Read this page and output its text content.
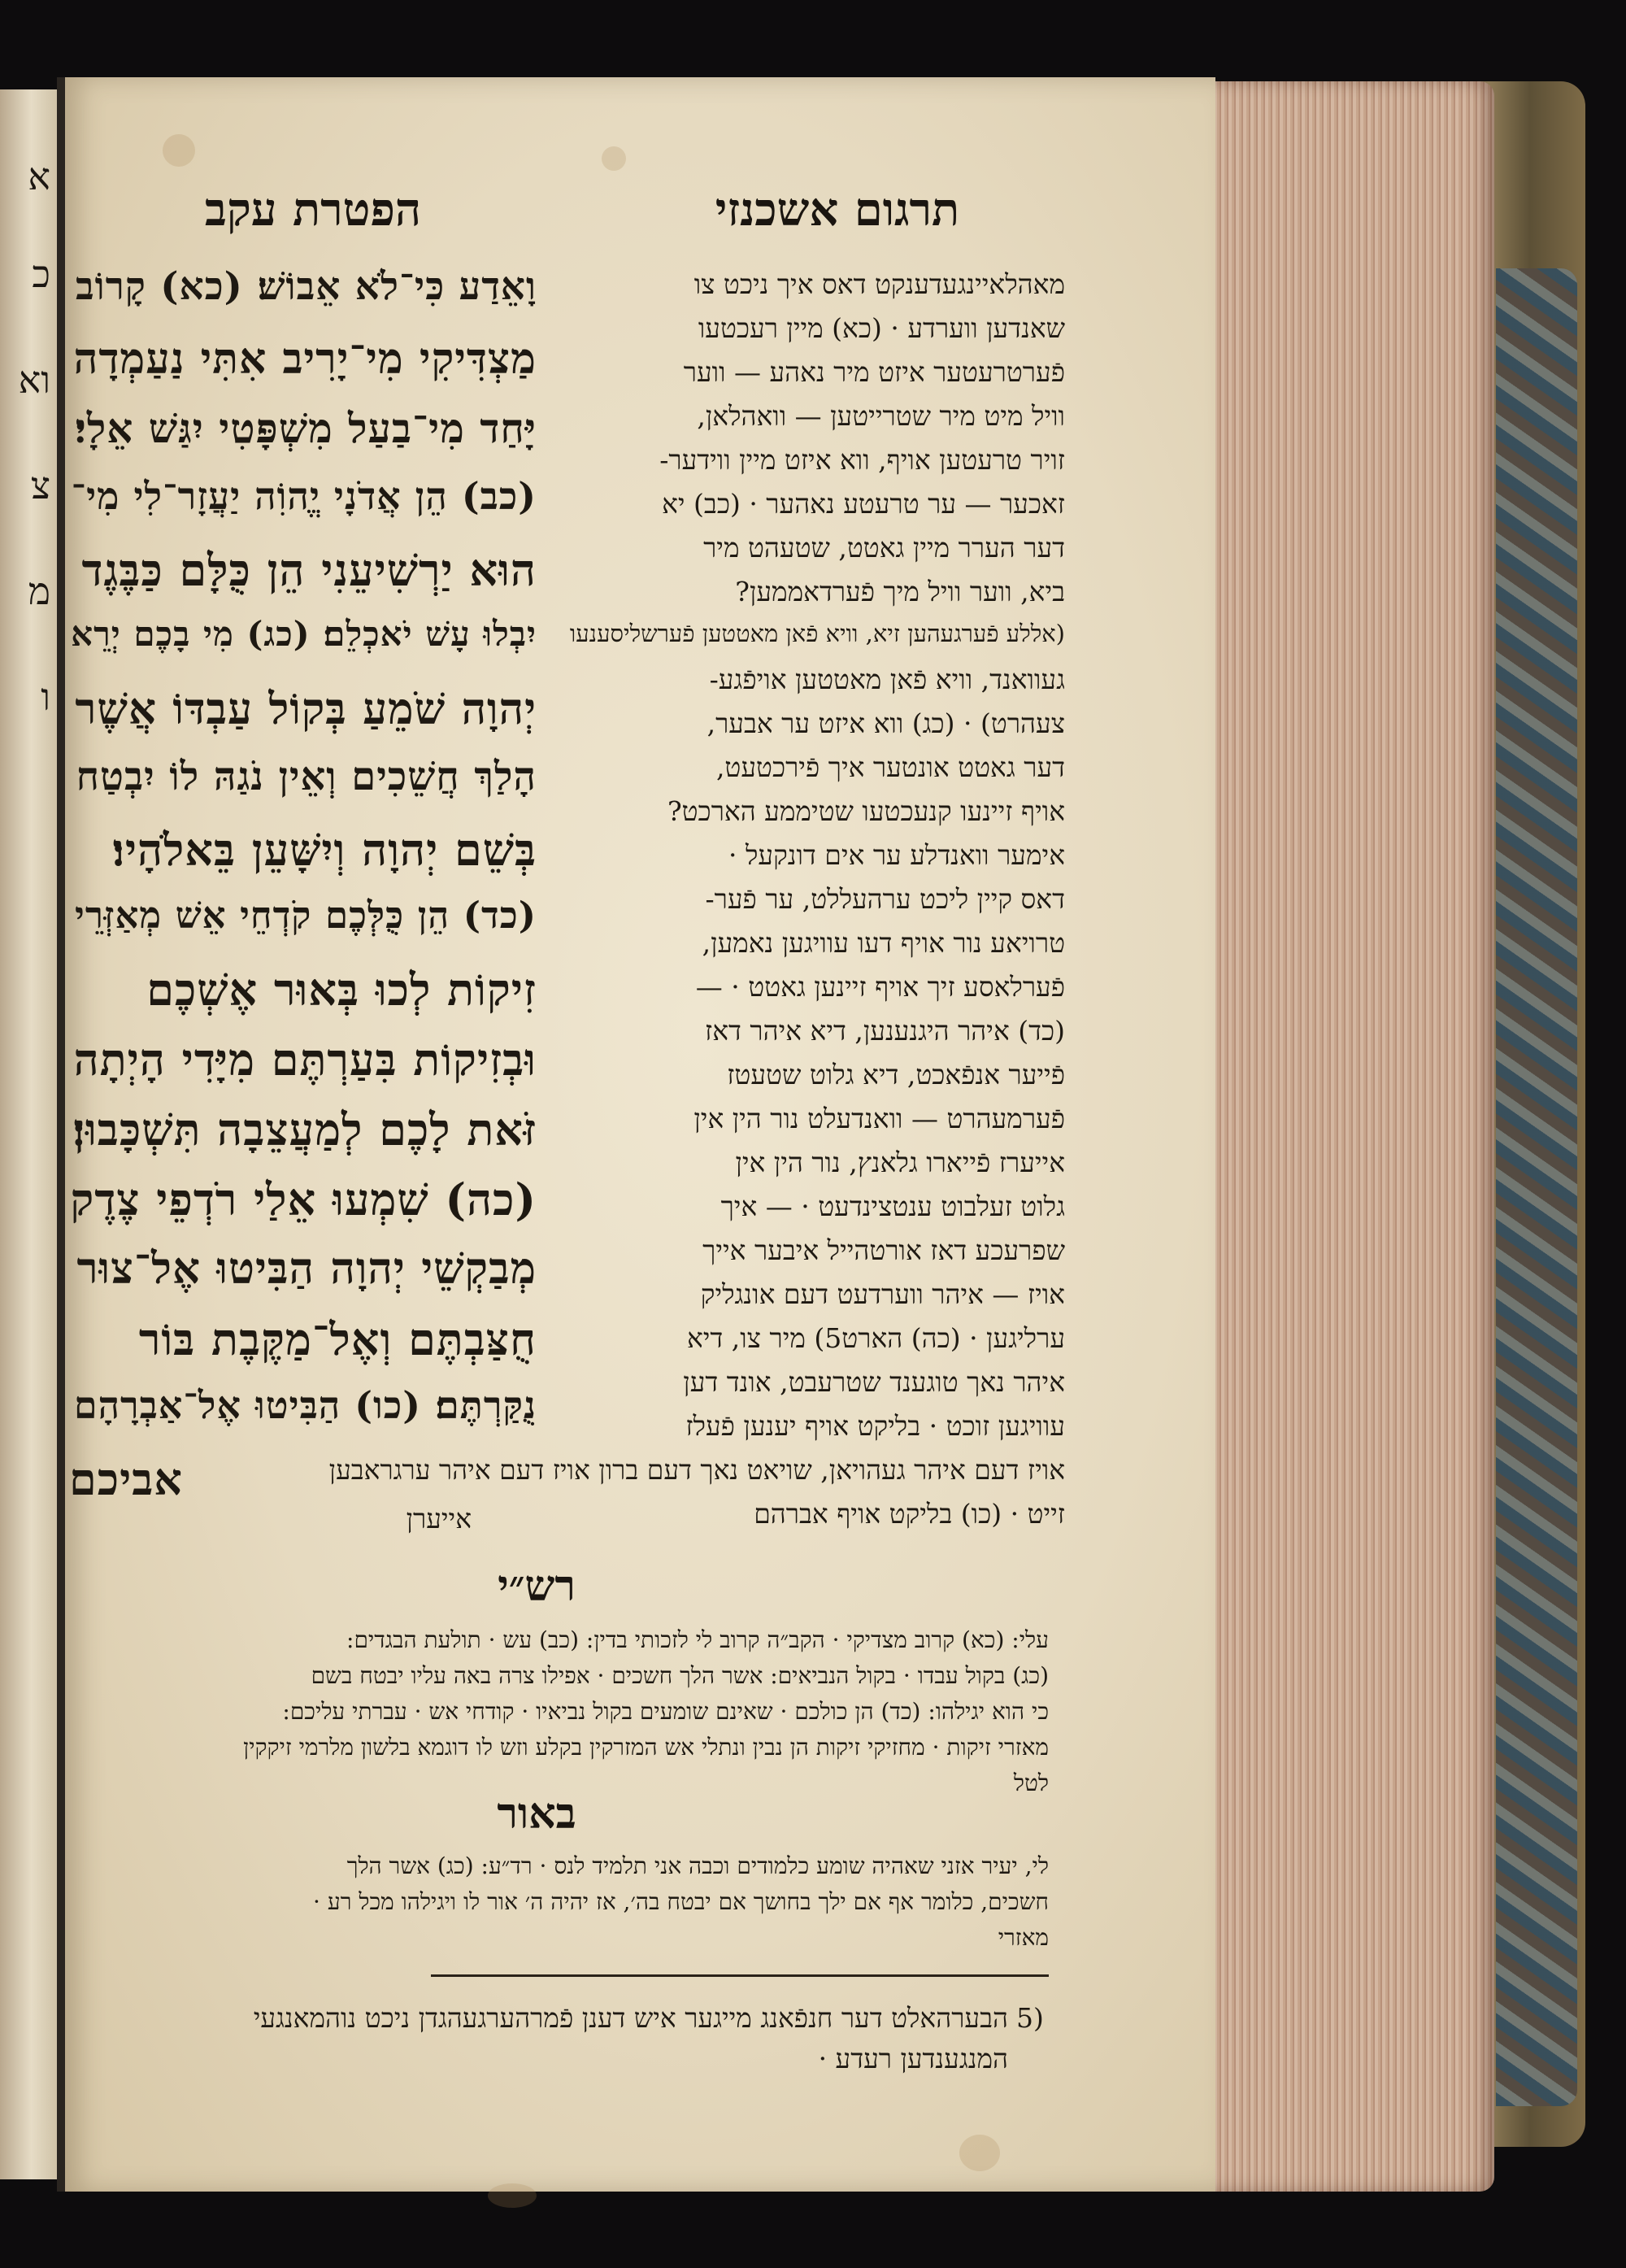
א
כ
וא
צ
מ
ו
הפטרת עקב	תרגום אשכנזי
וָאֵדַע כִּי־לֹא אֵבוֹשׁ׃ (כא) קָרוֹב
מַצְדִּיקִי מִי־יָרִיב אִתִּי נַעַמְדָה
יָּחַד מִי־בַעַל מִשְׁפָּטִי יִגַּשׁ אֵלָי׃
(כב) הֵן אֲדֹנָי יֱהוִֹה יַעֲזָר־לִי מִי־
הוּא יַרְשִׁיעֵנִי הֵן כֻּלָּם כַּבֶּגֶד
יִבְלוּ עָשׁ יֹאכְלֵם׃ (כג) מִי בָכֶם יְרֵא
יְהוָה שֹׁמֵעַ בְּקוֹל עַבְדּוֹ אֲשֶׁר
הָלַךְ חֲשֵׁכִים וְאֵין נֹגַהּ לוֹ יִבְטַח
בְּשֵׁם יְהוָה וְיִשָּׁעֵן בֵּאלֹהָיו׃
(כד) הֵן כֻּלְּכֶם קֹדְחֵי אֵשׁ מְאַזְּרֵי
זִיקוֹת לְכוּ בְּאוּר אֶשְׁכֶם
וּבְזִיקוֹת בִּעַרְתֶּם מִיָּדִי הָיְתָה
זֹּאת לָכֶם לְמַעֲצֵבָה תִּשְׁכָּבוּן׃
(כה) שִׁמְעוּ אֵלַי רֹדְפֵי צֶדֶק
מְבַקְשֵׁי יְהוָה הַבִּיטוּ אֶל־צוּר
חֻצַּבְתֶּם וְאֶל־מַקֶּבֶת בּוֹר
נֻקַּרְתֶּם׃ (כו) הַבִּיטוּ אֶל־אַבְרָהָם
אביכם
מאהלאיינגעדענקט דאס איך ניכט צו
שאנדען ווערדע · (כא) מיין רעכטעו
פֿערטרעטער איזט מיר נאהע — ווער
וויל מיט מיר שטרייטען — וואהלאן,
זויר טרעטען אויף, ווא איזט מיין ווידער-
זאכער — ער טרעטע נאהער · (כב) יא
דער הערר מיין גאטט, שטעהט מיר
ביא, ווער וויל מיך פֿערדאממען?
(אללע פֿערגעהען זיא, וויא פֿאן מאטטען פֿערשליסענעו
געוואנד, וויא פֿאן מאטטען אויפֿגע-
צעהרט) · (כג) ווא איזט ער אבער,
דער גאטט אונטער איך פֿירכטעט,
אויף זיינעו קנעכטעו שטיממע הארכט?
אימער וואנדלע ער אים דונקעל ·
דאס קיין ליכט ערהעללט, ער פֿער-
טרויאע נור אויף דעו עוויגען נאמען,
פֿערלאסע זיך אויף זיינען גאטט · —
(כד) איהר היגנענען, דיא איהר דאז
פֿייער אנפֿאכט, דיא גלוט שטעטז
פֿערמעהרט — וואנדעלט נור הין אין
אייערז פֿייארו גלאנץ, נור הין אין
גלוט זעלבוט ענטצינדעט · — איך
שפרעכע דאז אורטהייל איבער אייך
אויז — איהר ווערדעט דעם אונגליק
ערליגען · (כה) הארט5) מיר צו, דיא
איהר נאך טוגענד שטרעבט, אונד דען
עוויגען זוכט · בליקט אויף יענען פֿעלז
אויז דעם איהר געהויאן, שויאט נאך דעם ברון אויז דעם איהר ערגראבען
זייט · (כו) בליקט אויף אברהם
אייערן
רש״י
עלי: (כא) קרוב מצדיקי · הקב״ה קרוב לי לזכותי בדין: (כב) עש · תולעת הבגדים:
(כג) בקול עבדו · בקול הנביאים: אשר הלך חשכים · אפילו צרה באה עליו יבטח בשם
כי הוא יגילהו: (כד) הן כולכם · שאינם שומעים בקול נביאיו · קודחי אש · עברתי עליכם:
מאזרי זיקות · מחזיקי זיקות הן נבין ונתלי אש המזרקין בקלע וזש לו דוגמא בלשון מלרמי זיקקין
לטל
באור
לי, יעיר אזני שאהיה שומע כלמודים וכבה אני תלמיד לנס · רד״ע: (כג) אשר הלך
חשכים, כלומר אף אם ילך בחושך אם יבטח בה׳, אז יהיה ה׳ אור לו ויגילהו מכל רע ·
מאזרי
5)
הבערהאלט דער חנפֿאנג מייגער איש דענן פֿמרהערגעהגדן ניכט נוהמאנגעי
המנגענדען רעדע ·
